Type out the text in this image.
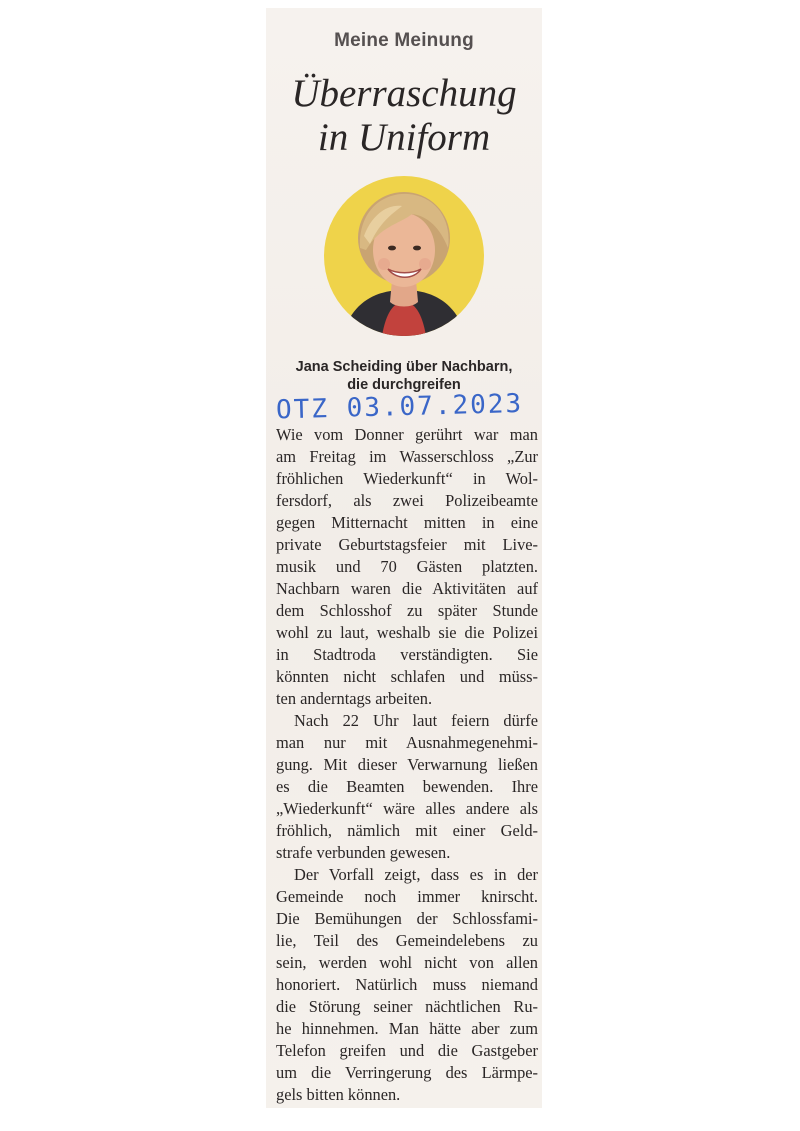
Meine Meinung
Überraschung
in Uniform
Jana Scheiding über Nachbarn,
die durchgreifen
OTZ 03.07.2023
Wie vom Donner gerührt war man
am Freitag im Wasserschloss „Zur
fröhlichen Wiederkunft“ in Wol-
fersdorf, als zwei Polizeibeamte
gegen Mitternacht mitten in eine
private Geburtstagsfeier mit Live-
musik und 70 Gästen platzten.
Nachbarn waren die Aktivitäten auf
dem Schlosshof zu später Stunde
wohl zu laut, weshalb sie die Polizei
in Stadtroda verständigten. Sie
könnten nicht schlafen und müss-
ten anderntags arbeiten.
Nach 22 Uhr laut feiern dürfe
man nur mit Ausnahmegenehmi-
gung. Mit dieser Verwarnung ließen
es die Beamten bewenden. Ihre
„Wiederkunft“ wäre alles andere als
fröhlich, nämlich mit einer Geld-
strafe verbunden gewesen.
Der Vorfall zeigt, dass es in der
Gemeinde noch immer knirscht.
Die Bemühungen der Schlossfami-
lie, Teil des Gemeindelebens zu
sein, werden wohl nicht von allen
honoriert. Natürlich muss niemand
die Störung seiner nächtlichen Ru-
he hinnehmen. Man hätte aber zum
Telefon greifen und die Gastgeber
um die Verringerung des Lärmpe-
gels bitten können.
